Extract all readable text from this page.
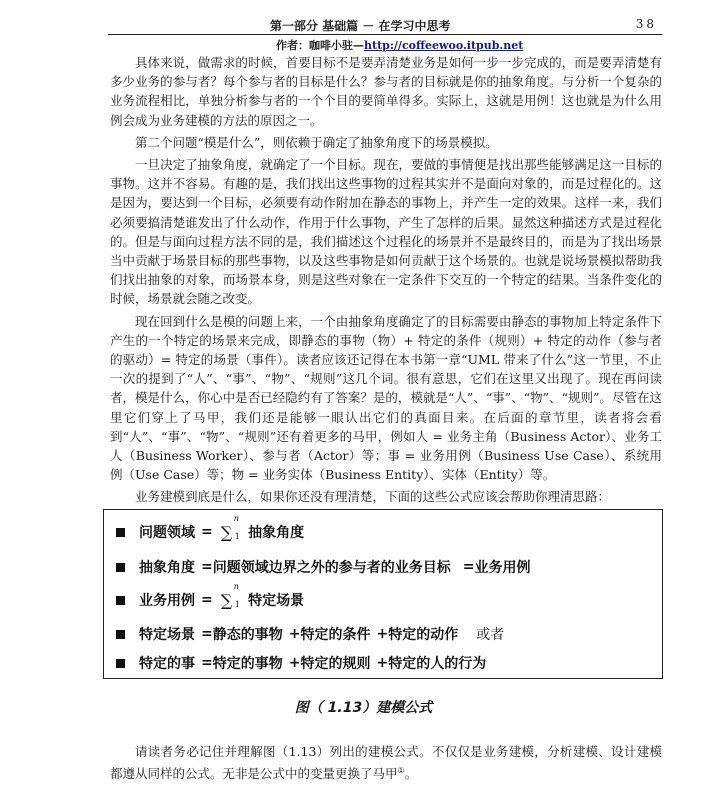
第一部分 基础篇 － 在学习中思考	38
作者：咖啡小驻—http://coffeewoo.itpub.net

具体来说，做需求的时候，首要目标不是要弄清楚业务是如何一步一步完成的，而是要弄清楚有多少业务的参与者？每个参与者的目标是什么？参与者的目标就是你的抽象角度。与分析一个复杂的业务流程相比，单独分析参与者的一个个目的要简单得多。实际上，这就是用例！这也就是为什么用例会成为业务建模的方法的原因之一。

第二个问题“模是什么”，则依赖于确定了抽象角度下的场景模拟。

一旦决定了抽象角度，就确定了一个目标。现在，要做的事情便是找出那些能够满足这一目标的事物。这并不容易。有趣的是，我们找出这些事物的过程其实并不是面向对象的，而是过程化的。这是因为，要达到一个目标，必须要有动作附加在静态的事物上，并产生一定的效果。这样一来，我们必须要搞清楚谁发出了什么动作，作用于什么事物，产生了怎样的后果。显然这种描述方式是过程化的。但是与面向过程方法不同的是，我们描述这个过程化的场景并不是最终目的，而是为了找出场景当中贡献于场景目标的那些事物，以及这些事物是如何贡献于这个场景的。也就是说场景模拟帮助我们找出抽象的对象，而场景本身，则是这些对象在一定条件下交互的一个特定的结果。当条件变化的时候，场景就会随之改变。

现在回到什么是模的问题上来，一个由抽象角度确定了的目标需要由静态的事物加上特定条件下产生的一个特定的场景来完成，即静态的事物（物）+ 特定的条件（规则）+ 特定的动作（参与者的驱动）= 特定的场景（事件）。读者应该还记得在本书第一章“UML 带来了什么”这一节里，不止一次的提到了“人”、“事”、“物”、“规则”这几个词。很有意思，它们在这里又出现了。现在再问读者，模是什么，你心中是否已经隐约有了答案？是的，模就是“人”、“事”、“物”、“规则”。尽管在这里它们穿上了马甲，我们还是能够一眼认出它们的真面目来。在后面的章节里，读者将会看到“人”、“事”、“物”、“规则”还有着更多的马甲，例如人 = 业务主角（Business Actor）、业务工人（Business Worker）、参与者（Actor）等；事 = 业务用例（Business Use Case）、系统用例（Use Case）等；物 = 业务实体（Business Entity）、实体（Entity）等。

业务建模到底是什么，如果你还没有理清楚，下面的这些公式应该会帮助你理清思路：

问题领域 = ∑
n
1 抽象角度
抽象角度 = 问题领域边界之外的参与者的业务目标 = 业务用例
业务用例 = ∑
n
1 特定场景
特定场景 = 静态的事物 + 特定的条件 + 特定的动作 或者
特定的事 = 特定的事物 + 特定的规则 + 特定的人的行为
图（ 1.13）建模公式
请读者务必记住并理解图（1.13）列出的建模公式。不仅仅是业务建模，分析建模、设计建模都遵从同样的公式。无非是公式中的变量更换了马甲①。
